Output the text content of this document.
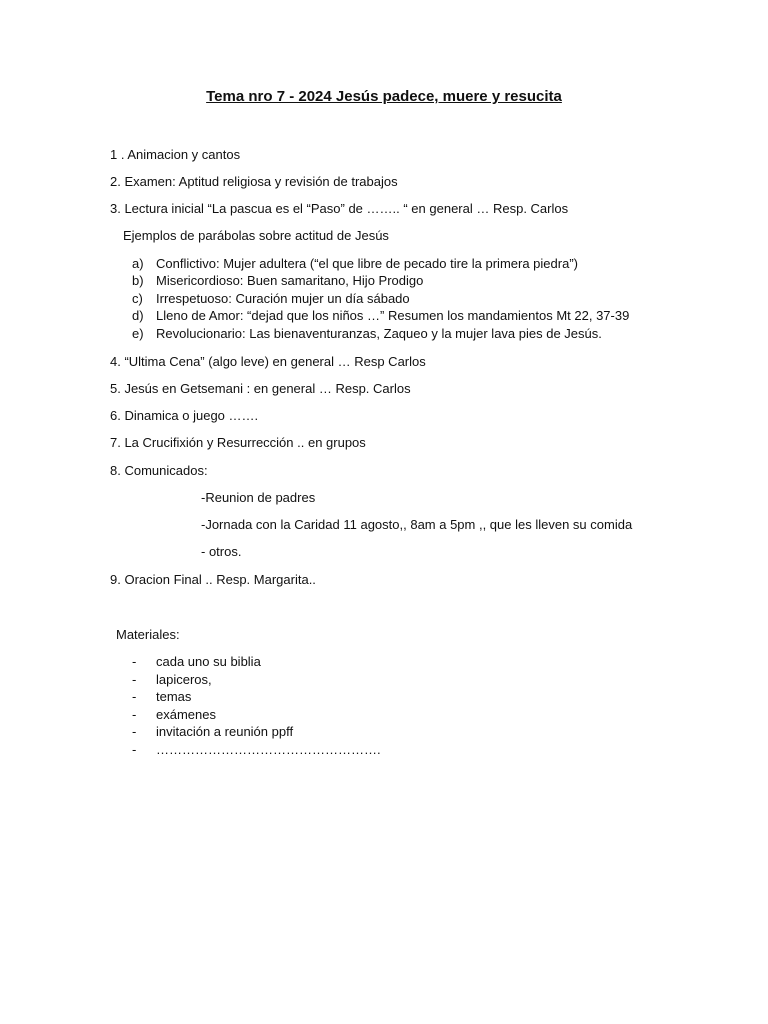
Tema nro 7 - 2024 Jesús padece, muere y resucita
1 . Animacion y cantos
2. Examen: Aptitud religiosa y revisión de trabajos
3. Lectura inicial “La pascua es el “Paso” de …….. “ en general … Resp. Carlos
Ejemplos de parábolas sobre actitud de Jesús
a) Conflictivo: Mujer adultera (“el que libre de pecado tire la primera piedra”)
b) Misericordioso: Buen samaritano, Hijo Prodigo
c) Irrespetuoso: Curación mujer un día sábado
d) Lleno de Amor: “dejad que los niños …” Resumen los mandamientos Mt 22, 37-39
e) Revolucionario: Las bienaventuranzas, Zaqueo y la mujer lava pies de Jesús.
4. “Ultima Cena” (algo leve) en general … Resp Carlos
5. Jesús en Getsemani : en general … Resp. Carlos
6. Dinamica o juego …….
7. La Crucifixión y Resurrección .. en grupos
8. Comunicados:
-Reunion de padres
-Jornada con la Caridad 11 agosto,, 8am a 5pm ,, que les lleven su comida
- otros.
9. Oracion Final .. Resp. Margarita..
Materiales:
- cada uno su biblia
- lapiceros,
- temas
- exámenes
- invitación a reunión ppff
- …………………………………………….
